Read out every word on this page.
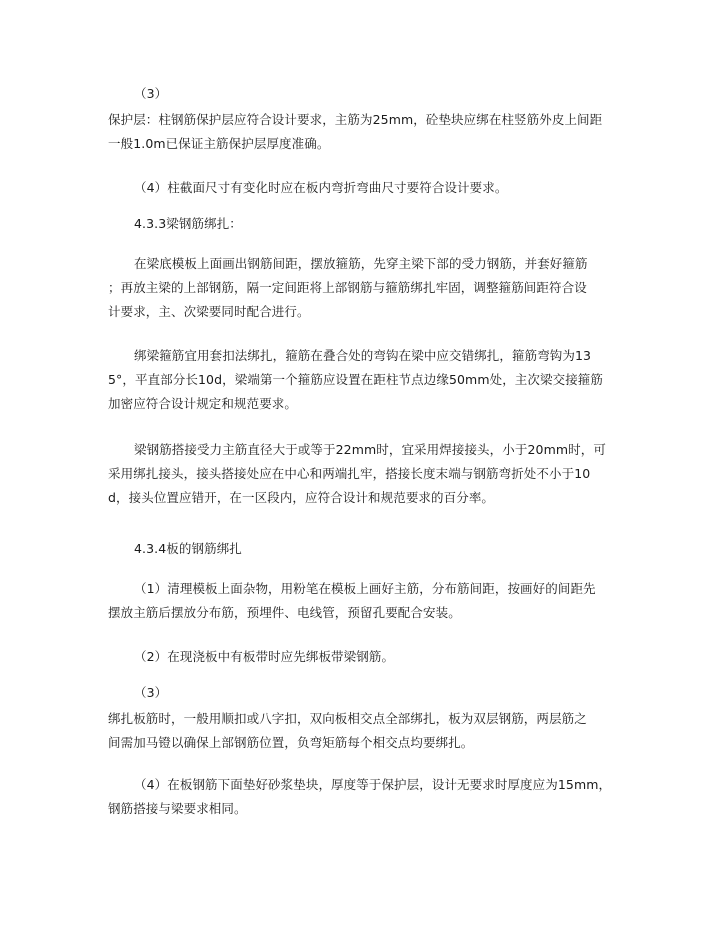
（3）
保护层：柱钢筋保护层应符合设计要求，主筋为25mm，砼垫块应绑在柱竖筋外皮上间距
一般1.0m已保证主筋保护层厚度准确。
（4）柱截面尺寸有变化时应在板内弯折弯曲尺寸要符合设计要求。
4.3.3梁钢筋绑扎：
在梁底模板上面画出钢筋间距，摆放箍筋，先穿主梁下部的受力钢筋，并套好箍筋
；再放主梁的上部钢筋，隔一定间距将上部钢筋与箍筋绑扎牢固，调整箍筋间距符合设
计要求，主、次梁要同时配合进行。
绑梁箍筋宜用套扣法绑扎，箍筋在叠合处的弯钩在梁中应交错绑扎，箍筋弯钩为13
5°，平直部分长10d，梁端第一个箍筋应设置在距柱节点边缘50mm处，主次梁交接箍筋
加密应符合设计规定和规范要求。
梁钢筋搭接受力主筋直径大于或等于22mm时，宜采用焊接接头，小于20mm时，可
采用绑扎接头，接头搭接处应在中心和两端扎牢，搭接长度末端与钢筋弯折处不小于10
d，接头位置应错开，在一区段内，应符合设计和规范要求的百分率。
4.3.4板的钢筋绑扎
（1）清理模板上面杂物，用粉笔在模板上画好主筋，分布筋间距，按画好的间距先
摆放主筋后摆放分布筋，预埋件、电线管，预留孔要配合安装。
（2）在现浇板中有板带时应先绑板带梁钢筋。
（3）
绑扎板筋时，一般用顺扣或八字扣，双向板相交点全部绑扎，板为双层钢筋，两层筋之
间需加马镫以确保上部钢筋位置，负弯矩筋每个相交点均要绑扎。
（4）在板钢筋下面垫好砂浆垫块，厚度等于保护层，设计无要求时厚度应为15mm，
钢筋搭接与梁要求相同。
